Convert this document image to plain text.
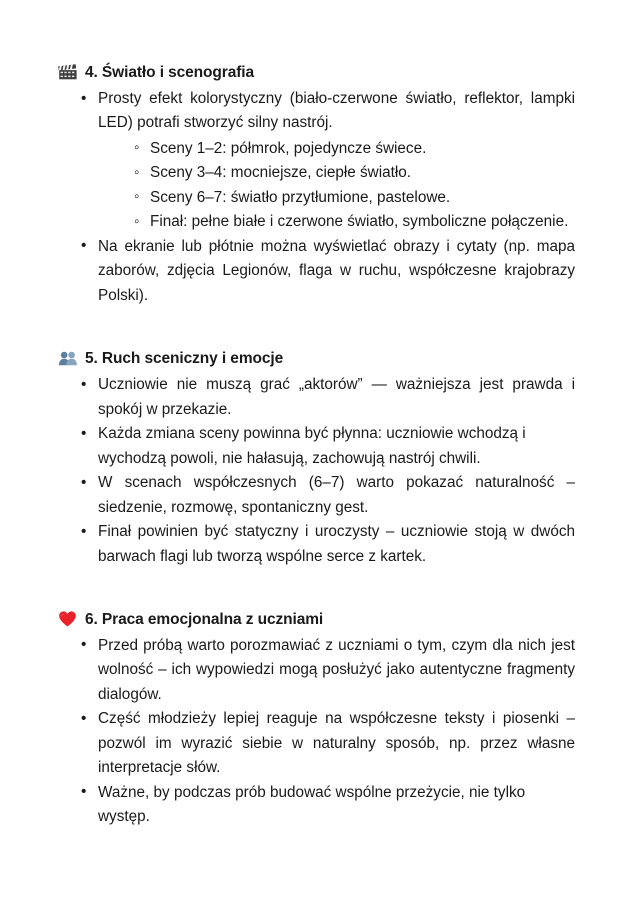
4. Światło i scenografia

• Prosty efekt kolorystyczny (biało-czerwone światło, reflektor, lampki LED) potrafi stworzyć silny nastrój.

◦ Sceny 1–2: półmrok, pojedyncze świece.
◦ Sceny 3–4: mocniejsze, ciepłe światło.
◦ Sceny 6–7: światło przytłumione, pastelowe.
◦ Finał: pełne białe i czerwone światło, symboliczne połączenie.

• Na ekranie lub płótnie można wyświetlać obrazy i cytaty (np. mapa zaborów, zdjęcia Legionów, flaga w ruchu, współczesne krajobrazy Polski).

5. Ruch sceniczny i emocje

• Uczniowie nie muszą grać „aktorów” — ważniejsza jest prawda i spokój w przekazie.

• Każda zmiana sceny powinna być płynna: uczniowie wchodzą i wychodzą powoli, nie hałasują, zachowują nastrój chwili.

• W scenach współczesnych (6–7) warto pokazać naturalność – siedzenie, rozmowę, spontaniczny gest.

• Finał powinien być statyczny i uroczysty – uczniowie stoją w dwóch barwach flagi lub tworzą wspólne serce z kartek.

6. Praca emocjonalna z uczniami

• Przed próbą warto porozmawiać z uczniami o tym, czym dla nich jest wolność – ich wypowiedzi mogą posłużyć jako autentyczne fragmenty dialogów.

• Część młodzieży lepiej reaguje na współczesne teksty i piosenki – pozwól im wyrazić siebie w naturalny sposób, np. przez własne interpretacje słów.

• Ważne, by podczas prób budować wspólne przeżycie, nie tylko występ.
